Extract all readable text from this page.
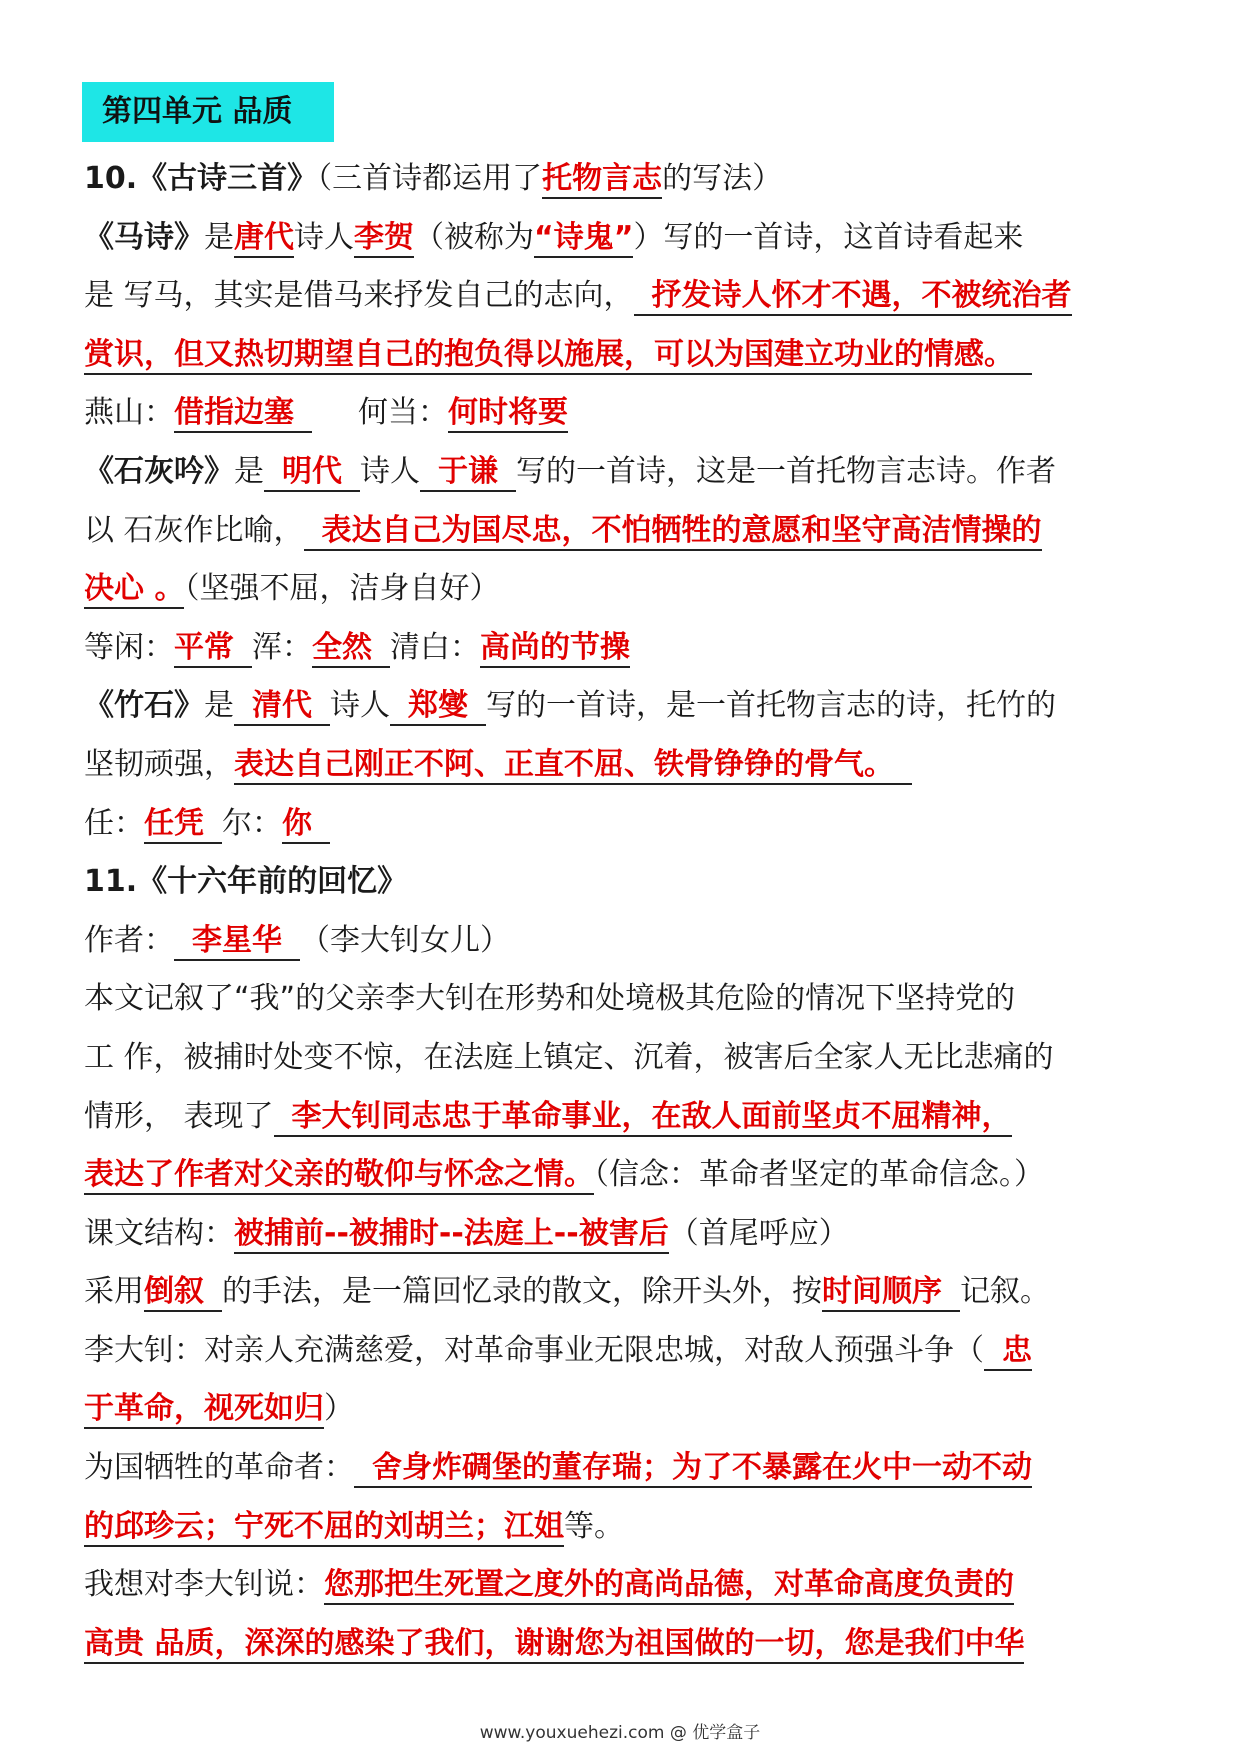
第四单元 品质
10.《古诗三首》（三首诗都运用了托物言志的写法）
《马诗》是唐代诗人李贺（被称为“诗鬼”）写的一首诗，这首诗看起来
是 写马，其实是借马来抒发自己的志向， 抒发诗人怀才不遇，不被统治者
赏识，但又热切期望自己的抱负得以施展，可以为国建立功业的情感。
燕山：借指边塞 何当：何时将要
《石灰吟》是 明代 诗人 于谦 写的一首诗，这是一首托物言志诗。作者
以 石灰作比喻， 表达自己为国尽忠，不怕牺牲的意愿和坚守高洁情操的
决心 。（坚强不屈，洁身自好）
等闲：平常 浑：全然 清白：高尚的节操
《竹石》是 清代 诗人 郑燮 写的一首诗，是一首托物言志的诗，托竹的
坚韧顽强，表达自己刚正不阿、正直不屈、铁骨铮铮的骨气。
任：任凭 尔：你
11.《十六年前的回忆》
作者： 李星华 （李大钊女儿）
本文记叙了“我”的父亲李大钊在形势和处境极其危险的情况下坚持党的
工 作，被捕时处变不惊，在法庭上镇定、沉着，被害后全家人无比悲痛的
情形， 表现了 李大钊同志忠于革命事业，在敌人面前坚贞不屈精神，
表达了作者对父亲的敬仰与怀念之情。（信念：革命者坚定的革命信念。）
课文结构：被捕前--被捕时--法庭上--被害后（首尾呼应）
采用倒叙 的手法，是一篇回忆录的散文，除开头外，按时间顺序 记叙。
李大钊：对亲人充满慈爱，对革命事业无限忠城，对敌人预强斗争（ 忠
于革命，视死如归）
为国牺牲的革命者： 舍身炸碉堡的董存瑞；为了不暴露在火中一动不动
的邱珍云；宁死不屈的刘胡兰；江姐等。
我想对李大钊说：您那把生死置之度外的高尚品德，对革命高度负责的
高贵 品质，深深的感染了我们，谢谢您为祖国做的一切，您是我们中华
www.youxuehezi.com @ 优学盒子
